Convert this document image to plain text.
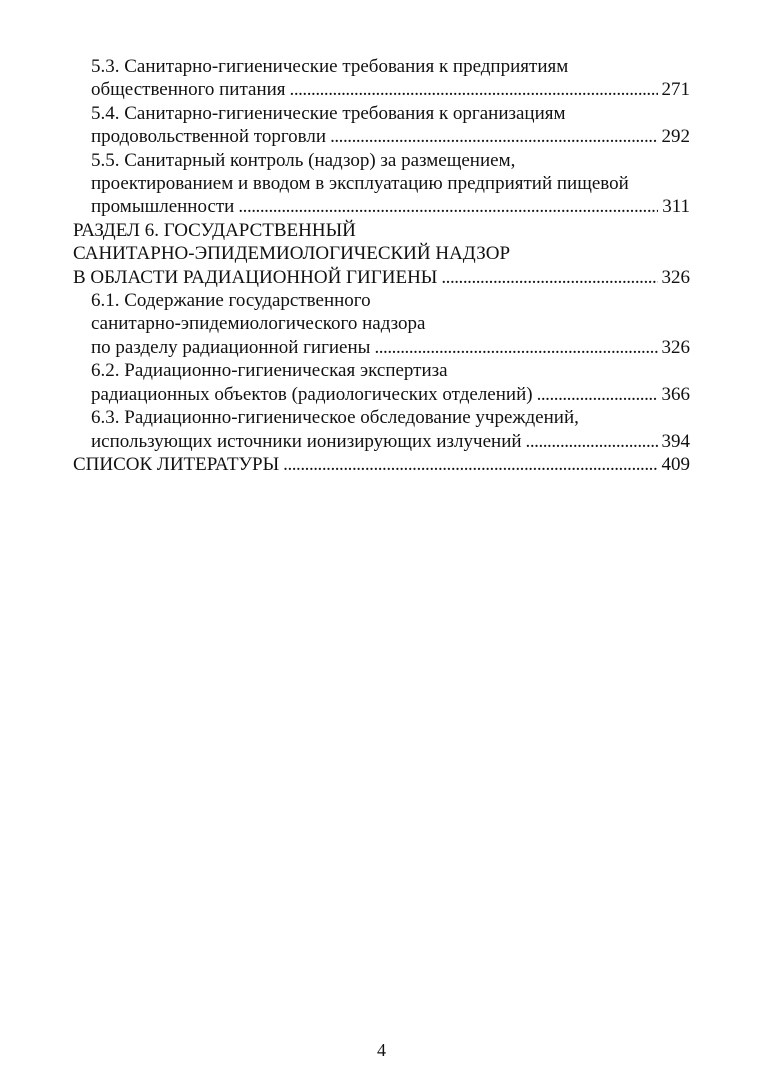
5.3. Санитарно-гигиенические требования к предприятиям
общественного питания . . .	271
5.4. Санитарно-гигиенические требования к организациям
продовольственной торговли . . .	292
5.5. Санитарный контроль (надзор) за размещением,
проектированием и вводом в эксплуатацию предприятий пищевой
промышленности . . .	311
РАЗДЕЛ 6. ГОСУДАРСТВЕННЫЙ
САНИТАРНО-ЭПИДЕМИОЛОГИЧЕСКИЙ НАДЗОР
В ОБЛАСТИ РАДИАЦИОННОЙ ГИГИЕНЫ . . .	326
6.1. Содержание государственного
санитарно-эпидемиологического надзора
по разделу радиационной гигиены . . .	326
6.2. Радиационно-гигиеническая экспертиза
радиационных объектов (радиологических отделений) . . .	366
6.3. Радиационно-гигиеническое обследование учреждений,
использующих источники ионизирующих излучений . . .	394
СПИСОК ЛИТЕРАТУРЫ . . .	409
4
